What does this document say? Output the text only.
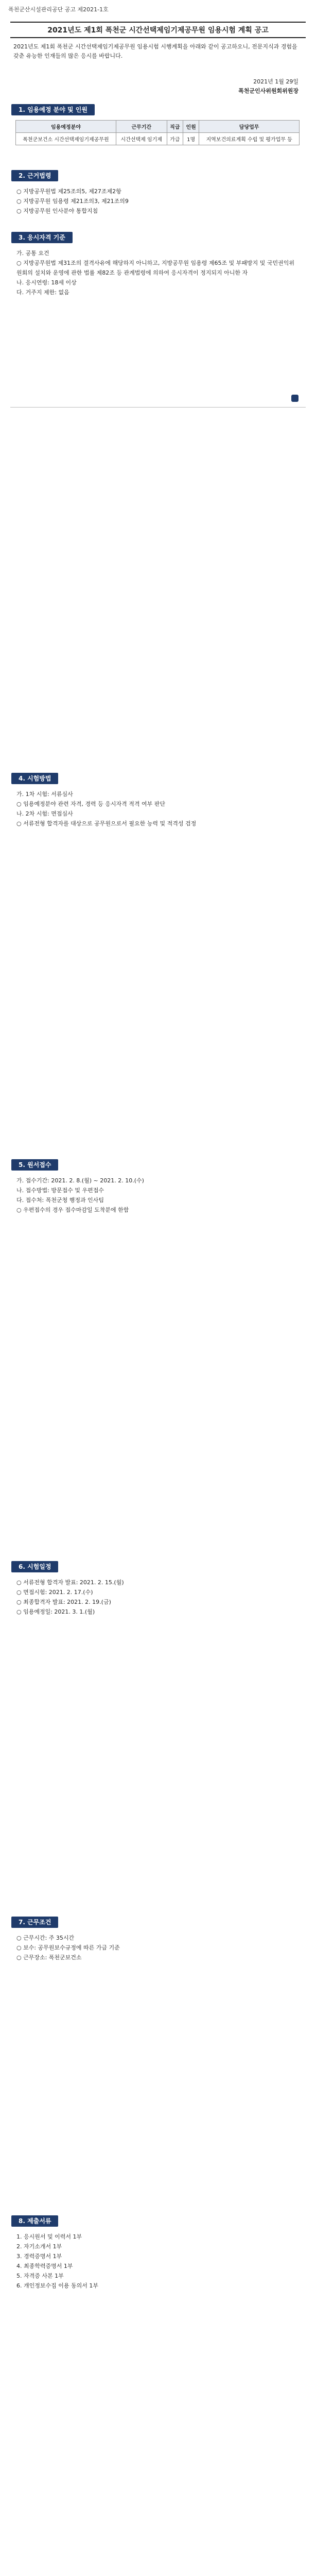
폭천군산시설관리공단 공고 제2021-1호
2021년도 제1회 폭천군 시간선택제임기제공무원 임용시험 계획 공고
2021년도 제1회 폭천군 시간선택제임기제공무원 임용시험 시행계획을 아래와 같이 공고하오니, 전문지식과 경험을 갖춘 유능한 인재들의 많은 응시를 바랍니다.
2021년 1월 29일
폭천군인사위원회위원장
1. 임용예정 분야 및 인원
임용예정분야	근무기간	직급	인원	담당업무
폭천군보건소 시간선택제임기제공무원	시간선택제 임기제	가급	1명	지역보건의료계획 수립 및 평가업무 등
2. 근거법령
○ 지방공무원법 제25조의5, 제27조제2항
○ 지방공무원 임용령 제21조의3, 제21조의9
○ 지방공무원 인사분야 통합지침
3. 응시자격 기준
가. 공통 요건
○ 지방공무원법 제31조의 결격사유에 해당하지 아니하고, 지방공무원 임용령 제65조 및 부패방지 및 국민권익위원회의 설치와 운영에 관한 법률 제82조 등 관계법령에 의하여 응시자격이 정지되지 아니한 자
나. 응시연령: 18세 이상
다. 거주지 제한: 없음
4. 시험방법
가. 1차 시험: 서류심사
○ 임용예정분야 관련 자격, 경력 등 응시자격 적격 여부 판단
나. 2차 시험: 면접심사
○ 서류전형 합격자를 대상으로 공무원으로서 필요한 능력 및 적격성 검정
5. 원서접수
가. 접수기간: 2021. 2. 8.(월) ~ 2021. 2. 10.(수)
나. 접수방법: 방문접수 및 우편접수
다. 접수처: 폭천군청 행정과 인사팀
○ 우편접수의 경우 접수마감일 도착분에 한함
6. 시험일정
○ 서류전형 합격자 발표: 2021. 2. 15.(월)
○ 면접시험: 2021. 2. 17.(수)
○ 최종합격자 발표: 2021. 2. 19.(금)
○ 임용예정일: 2021. 3. 1.(월)
7. 근무조건
○ 근무시간: 주 35시간
○ 보수: 공무원보수규정에 따른 가급 기준
○ 근무장소: 폭천군보건소
8. 제출서류
1. 응시원서 및 이력서 1부
2. 자기소개서 1부
3. 경력증명서 1부
4. 최종학력증명서 1부
5. 자격증 사본 1부
6. 개인정보수집 이용 동의서 1부
